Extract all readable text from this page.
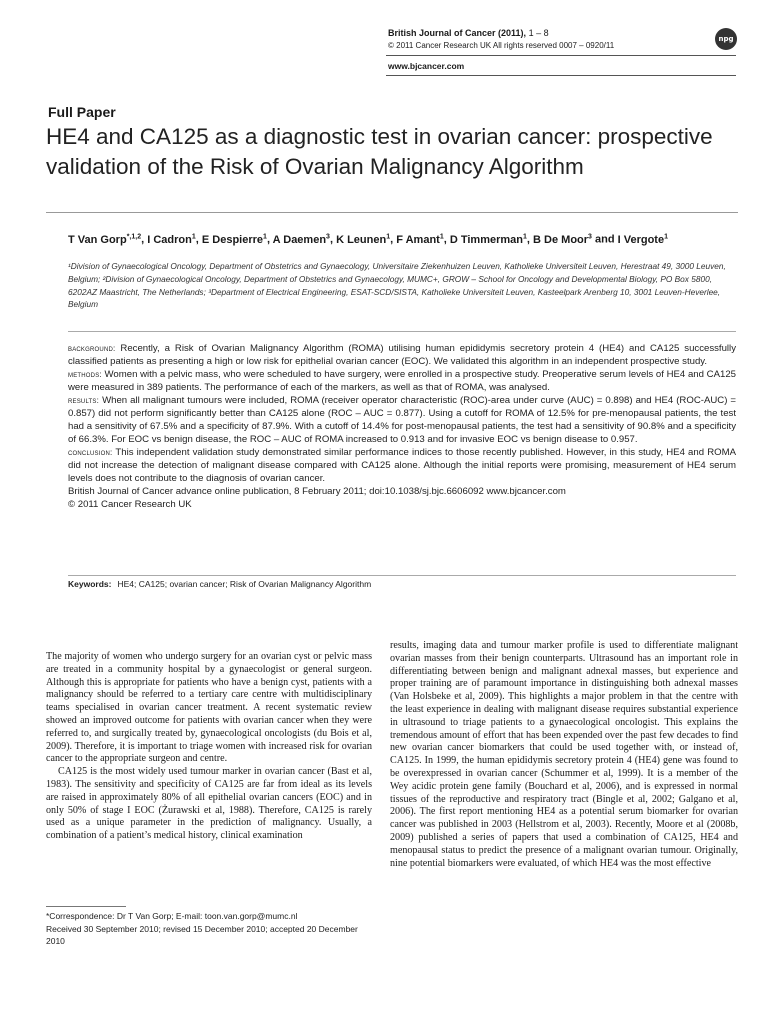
British Journal of Cancer (2011), 1 – 8
© 2011 Cancer Research UK All rights reserved 0007 – 0920/11
www.bjcancer.com
npg
Full Paper
HE4 and CA125 as a diagnostic test in ovarian cancer: prospective validation of the Risk of Ovarian Malignancy Algorithm
T Van Gorp$^{*,1,2}$, I Cadron$^1$, E Despierre$^1$, A Daemen$^3$, K Leunen$^1$, F Amant$^1$, D Timmerman$^1$, B De Moor$^3$ and I Vergote$^1$
¹Division of Gynaecological Oncology, Department of Obstetrics and Gynaecology, Universitaire Ziekenhuizen Leuven, Katholieke Universiteit Leuven, Herestraat 49, 3000 Leuven, Belgium; ²Division of Gynaecological Oncology, Department of Obstetrics and Gynaecology, MUMC+, GROW – School for Oncology and Developmental Biology, PO Box 5800, 6202AZ Maastricht, The Netherlands; ³Department of Electrical Engineering, ESAT-SCD/SISTA, Katholieke Universiteit Leuven, Kasteelpark Arenberg 10, 3001 Leuven-Heverlee, Belgium

background: Recently, a Risk of Ovarian Malignancy Algorithm (ROMA) utilising human epididymis secretory protein 4 (HE4) and CA125 successfully classified patients as presenting a high or low risk for epithelial ovarian cancer (EOC). We validated this algorithm in an independent prospective study.

methods: Women with a pelvic mass, who were scheduled to have surgery, were enrolled in a prospective study. Preoperative serum levels of HE4 and CA125 were measured in 389 patients. The performance of each of the markers, as well as that of ROMA, was analysed.

results: When all malignant tumours were included, ROMA (receiver operator characteristic (ROC)-area under curve (AUC) = 0.898) and HE4 (ROC-AUC) = 0.857) did not perform significantly better than CA125 alone (ROC – AUC = 0.877). Using a cutoff for ROMA of 12.5% for pre-menopausal patients, the test had a sensitivity of 67.5% and a specificity of 87.9%. With a cutoff of 14.4% for post-menopausal patients, the test had a sensitivity of 90.8% and a specificity of 66.3%. For EOC vs benign disease, the ROC – AUC of ROMA increased to 0.913 and for invasive EOC vs benign disease to 0.957.

conclusion: This independent validation study demonstrated similar performance indices to those recently published. However, in this study, HE4 and ROMA did not increase the detection of malignant disease compared with CA125 alone. Although the initial reports were promising, measurement of HE4 serum levels does not contribute to the diagnosis of ovarian cancer.

British Journal of Cancer advance online publication, 8 February 2011; doi:10.1038/sj.bjc.6606092 www.bjcancer.com

© 2011 Cancer Research UK

Keywords: HE4; CA125; ovarian cancer; Risk of Ovarian Malignancy Algorithm

The majority of women who undergo surgery for an ovarian cyst or pelvic mass are treated in a community hospital by a gynaecologist or general surgeon. Although this is appropriate for patients who have a benign cyst, patients with a malignancy should be referred to a tertiary care centre with multidisciplinary teams specialised in ovarian cancer treatment. A recent systematic review showed an improved outcome for patients with ovarian cancer when they were referred to, and surgically treated by, gynaecological oncologists (du Bois et al, 2009). Therefore, it is important to triage women with increased risk for ovarian cancer to the appropriate surgeon and centre.

CA125 is the most widely used tumour marker in ovarian cancer (Bast et al, 1983). The sensitivity and specificity of CA125 are far from ideal as its levels are raised in approximately 80% of all epithelial ovarian cancers (EOC) and in only 50% of stage I EOC (Żurawski et al, 1988). Therefore, CA125 is rarely used as a unique parameter in the prediction of malignancy. Usually, a combination of a patient’s medical history, clinical examination

results, imaging data and tumour marker profile is used to differentiate malignant ovarian masses from their benign counterparts. Ultrasound has an important role in differentiating between benign and malignant adnexal masses, but experience and proper training are of paramount importance in distinguishing both adnexal masses (Van Holsbeke et al, 2009). This highlights a major problem in that the centre with the least experience in dealing with malignant disease requires substantial experience in ultrasound to triage patients to a gynaecological oncologist. This explains the tremendous amount of effort that has been expended over the past few decades to find new ovarian cancer biomarkers that could be used together with, or instead of, CA125. In 1999, the human epididymis secretory protein 4 (HE4) gene was found to be overexpressed in ovarian cancer (Schummer et al, 1999). It is a member of the Wey acidic protein gene family (Bouchard et al, 2006), and is expressed in normal tissues of the reproductive and respiratory tract (Bingle et al, 2002; Galgano et al, 2006). The first report mentioning HE4 as a potential serum biomarker for ovarian cancer was published in 2003 (Hellstrom et al, 2003). Recently, Moore et al (2008b, 2009) published a series of papers that used a combination of CA125, HE4 and menopausal status to predict the presence of a malignant ovarian tumour. Originally, nine potential biomarkers were evaluated, of which HE4 was the most effective

*Correspondence: Dr T Van Gorp; E-mail: toon.van.gorp@mumc.nl
Received 30 September 2010; revised 15 December 2010; accepted 20 December 2010
